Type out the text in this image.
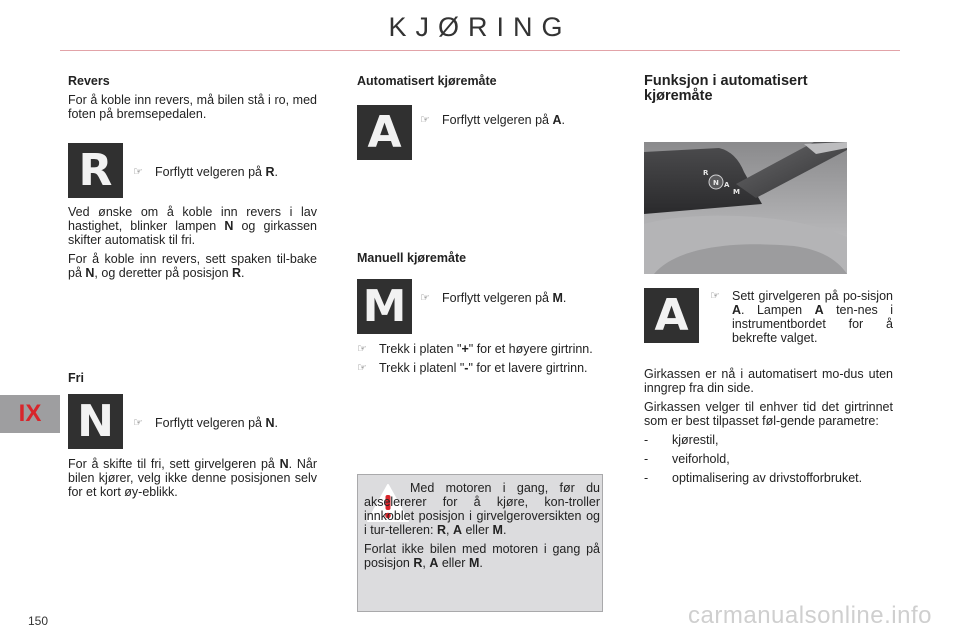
KJØRING
IX
Revers

For å koble inn revers, må bilen stå i ro, med foten på bremsepedalen.

R ☞ Forflytt velgeren på R.

Ved ønske om å koble inn revers i lav hastighet, blinker lampen N og girkassen skifter automatisk til fri.

For å koble inn revers, sett spaken til-bake på N, og deretter på posisjon R.

Fri
N ☞ Forflytt velgeren på N.

For å skifte til fri, sett girvelgeren på N. Når bilen kjører, velg ikke denne posisjonen selv for et kort øy-eblikk.

Automatisert kjøremåte
A ☞ Forflytt velgeren på A.
Manuell kjøremåte
M ☞ Forflytt velgeren på M.
☞ Trekk i platen "+" for et høyere girtrinn.
☞ Trekk i platenl "-" for et lavere girtrinn.

Med motoren i gang, før du akselererer for å kjøre, kon-troller innkoblet posisjon i girvelgeroversikten og i tur-telleren: R, A eller M.

Forlat ikke bilen med motoren i gang på posisjon R, A eller M.

Funksjon i automatisert kjøremåte
R
N A
M
A ☞ Sett girvelgeren på po-sisjon A. Lampen A ten-nes i instrumentbordet for å bekrefte valget.

Girkassen er nå i automatisert mo-dus uten inngrep fra din side.

Girkassen velger til enhver tid det girtrinnet som er best tilpasset føl-gende parametre:

-	kjørestil,
-	veiforhold,
-	optimalisering av drivstofforbruket.
150	carmanualsonline.info
